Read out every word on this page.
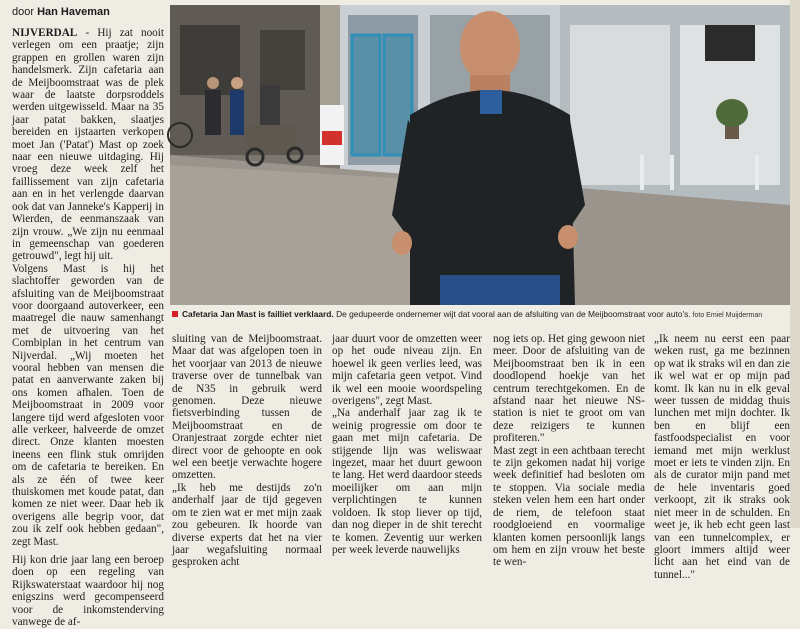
door Han Haveman

NIJVERDAL - Hij zat nooit verlegen om een praatje; zijn grappen en grollen waren zijn handelsmerk. Zijn cafetaria aan de Meijboomstraat was de plek waar de laatste dorpsroddels werden uitgewisseld. Maar na 35 jaar patat bakken, slaatjes bereiden en ijstaarten verkopen moet Jan ('Patat') Mast op zoek naar een nieuwe uitdaging. Hij vroeg deze week zelf het faillissement van zijn cafetaria aan en in het verlengde daarvan ook dat van Janneke's Kapperij in Wierden, de eenmanszaak van zijn vrouw. „We zijn nu eenmaal in gemeenschap van goederen getrouwd", legt hij uit.

Volgens Mast is hij het slachtoffer geworden van de afsluiting van de Meijboomstraat voor doorgaand autoverkeer, een maatregel die nauw samenhangt met de uitvoering van het Combiplan in het centrum van Nijverdal. „Wij moeten het vooral hebben van mensen die patat en aanverwante zaken bij ons komen afhalen. Toen de Meijboomstraat in 2009 voor langere tijd werd afgesloten voor alle verkeer, halveerde de omzet direct. Onze klanten moesten ineens een flink stuk omrijden om de cafetaria te bereiken. En als ze één of twee keer thuiskomen met koude patat, dan komen ze niet weer. Daar heb ik overigens alle begrip voor, dat zou ik zelf ook hebben gedaan", zegt Mast.

Hij kon drie jaar lang een beroep doen op een regeling van Rijkswaterstaat waardoor hij nog enigszins werd gecompenseerd voor de inkomstenderving vanwege de af-

Cafetaria Jan Mast is failliet verklaard. De gedupeerde ondernemer wijt dat vooral aan de afsluiting van de Meijboomstraat voor auto's. foto Emiel Muijderman

sluiting van de Meijboomstraat. Maar dat was afgelopen toen in het voorjaar van 2013 de nieuwe traverse over de tunnelbak van de N35 in gebruik werd genomen. Deze nieuwe fietsverbinding tussen de Meijboomstraat en de Oranjestraat zorgde echter niet direct voor de gehoopte en ook wel een beetje verwachte hogere omzetten.
„Ik heb me destijds zo'n anderhalf jaar de tijd gegeven om te zien wat er met mijn zaak zou gebeuren. Ik hoorde van diverse experts dat het na vier jaar wegafsluiting normaal gesproken acht

jaar duurt voor de omzetten weer op het oude niveau zijn. En hoewel ik geen verlies leed, was mijn cafetaria geen vetpot. Vind ik wel een mooie woordspeling overigens", zegt Mast.
„Na anderhalf jaar zag ik te weinig progressie om door te gaan met mijn cafetaria. De stijgende lijn was weliswaar ingezet, maar het duurt gewoon te lang. Het werd daardoor steeds moeilijker om aan mijn verplichtingen te kunnen voldoen. Ik stop liever op tijd, dan nog dieper in de shit terecht te komen. Zeventig uur werken per week leverde nauwelijks

nog iets op. Het ging gewoon niet meer. Door de afsluiting van de Meijboomstraat ben ik in een doodlopend hoekje van het centrum terechtgekomen. En de afstand naar het nieuwe NS-station is niet te groot om van deze reizigers te kunnen profiteren."
Mast zegt in een achtbaan terecht te zijn gekomen nadat hij vorige week definitief had besloten om te stoppen. Via sociale media steken velen hem een hart onder de riem, de telefoon staat roodgloeiend en voormalige klanten komen persoonlijk langs om hem en zijn vrouw het beste te wen-

„Ik neem nu eerst een paar weken rust, ga me bezinnen op wat ik straks wil en dan zie ik wel wat er op mijn pad komt. Ik kan nu in elk geval weer tussen de middag thuis lunchen met mijn dochter. Ik ben en blijf een fastfoodspecialist en voor iemand met mijn werklust moet er iets te vinden zijn. En als de curator mijn pand met de hele inventaris goed verkoopt, zit ik straks ook niet meer in de schulden. En weet je, ik heb echt geen last van een tunnelcomplex, er gloort immers altijd weer licht aan het eind van de tunnel..."
